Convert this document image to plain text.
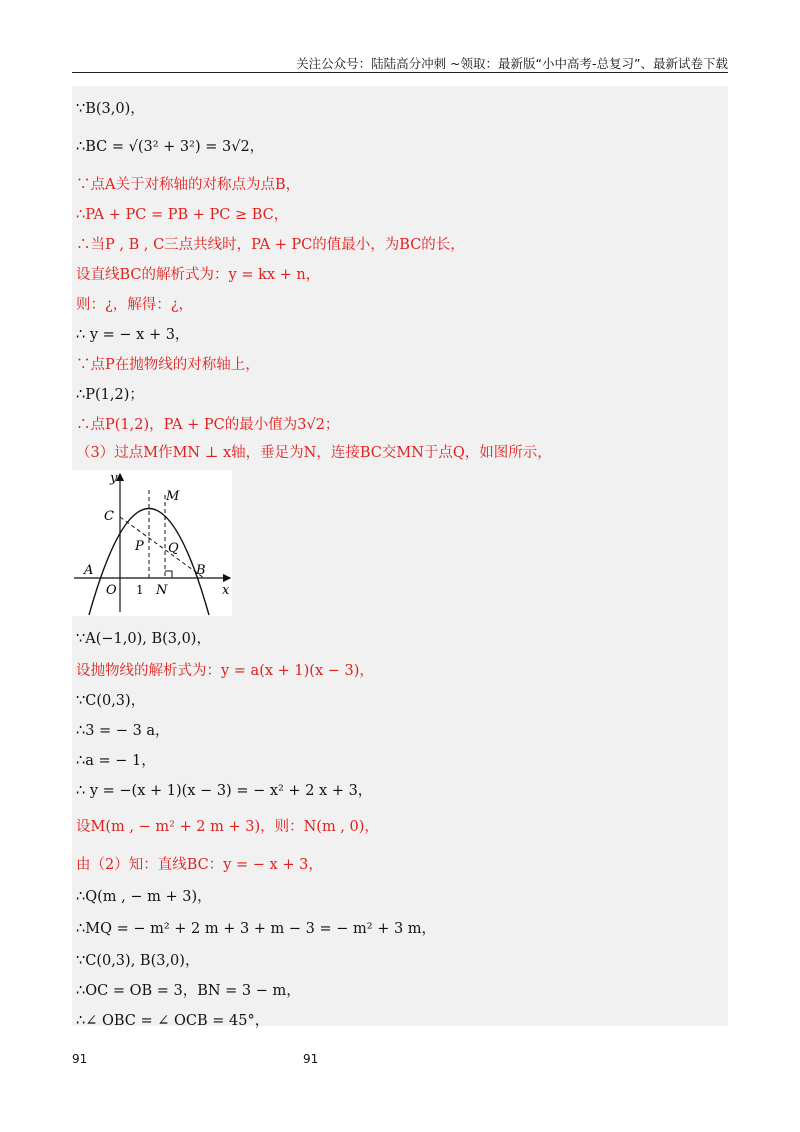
关注公众号：陆陆高分冲刺 ~领取：最新版“小中高考-总复习”、最新试卷下载
∵B(3,0)，
∴BC = √(3² + 3²) = 3√2，
∵点A关于对称轴的对称点为点B，
∴PA + PC = PB + PC ≥ BC，
∴当P , B , C三点共线时，PA + PC的值最小，为BC的长，
设直线BC的解析式为：y = kx + n，
则：¿，解得：¿，
∴ y = − x + 3，
∵点P在抛物线的对称轴上，
∴P(1,2)；
∴点P(1,2)，PA + PC的最小值为3√2；
（3）过点M作MN ⊥ x轴，垂足为N，连接BC交MN于点Q，如图所示，
∵A(−1,0), B(3,0)，
设抛物线的解析式为：y = a(x + 1)(x − 3)，
∵C(0,3)，
∴3 = − 3 a，
∴a = − 1，
∴ y = −(x + 1)(x − 3) = − x² + 2 x + 3，
设M(m , − m² + 2 m + 3)，则：N(m , 0)，
由（2）知：直线BC：y = − x + 3，
∴Q(m , − m + 3)，
∴MQ = − m² + 2 m + 3 + m − 3 = − m² + 3 m，
∵C(0,3), B(3,0)，
∴OC = OB = 3，BN = 3 − m，
∴∠ OBC = ∠ OCB = 45°，
y
x
O 1 N
A	B
C
M
P Q
91	91
